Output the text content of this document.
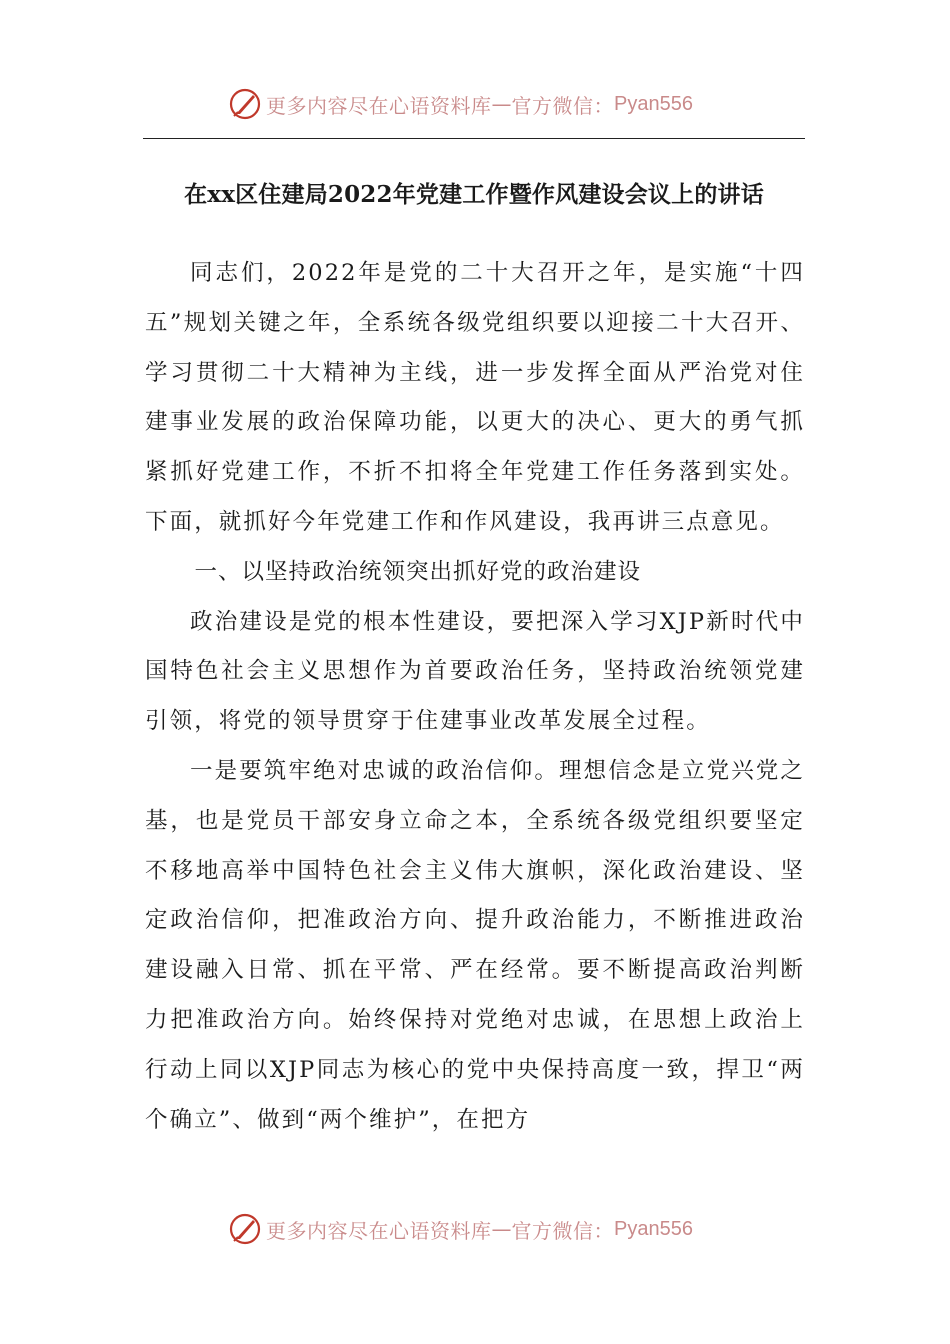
更多内容尽在心语资料库 — 官方微信： Pyan556
在xx区住建局2022年党建工作暨作风建设会议上的讲话

同志们，2022年是党的二十大召开之年，是实施“十四五”规划关键之年，全系统各级党组织要以迎接二十大召开、学习贯彻二十大精神为主线，进一步发挥全面从严治党对住建事业发展的政治保障功能，以更大的决心、更大的勇气抓紧抓好党建工作，不折不扣将全年党建工作任务落到实处。下面，就抓好今年党建工作和作风建设，我再讲三点意见。

一、以坚持政治统领突出抓好党的政治建设

政治建设是党的根本性建设，要把深入学习XJP新时代中国特色社会主义思想作为首要政治任务，坚持政治统领党建引领，将党的领导贯穿于住建事业改革发展全过程。

一是要筑牢绝对忠诚的政治信仰。理想信念是立党兴党之基，也是党员干部安身立命之本，全系统各级党组织要坚定不移地高举中国特色社会主义伟大旗帜，深化政治建设、坚定政治信仰，把准政治方向、提升政治能力，不断推进政治建设融入日常、抓在平常、严在经常。要不断提高政治判断力把准政治方向。始终保持对党绝对忠诚，在思想上政治上行动上同以XJP同志为核心的党中央保持高度一致，捍卫“两个确立”、做到“两个维护”，在把方

更多内容尽在心语资料库 — 官方微信： Pyan556
